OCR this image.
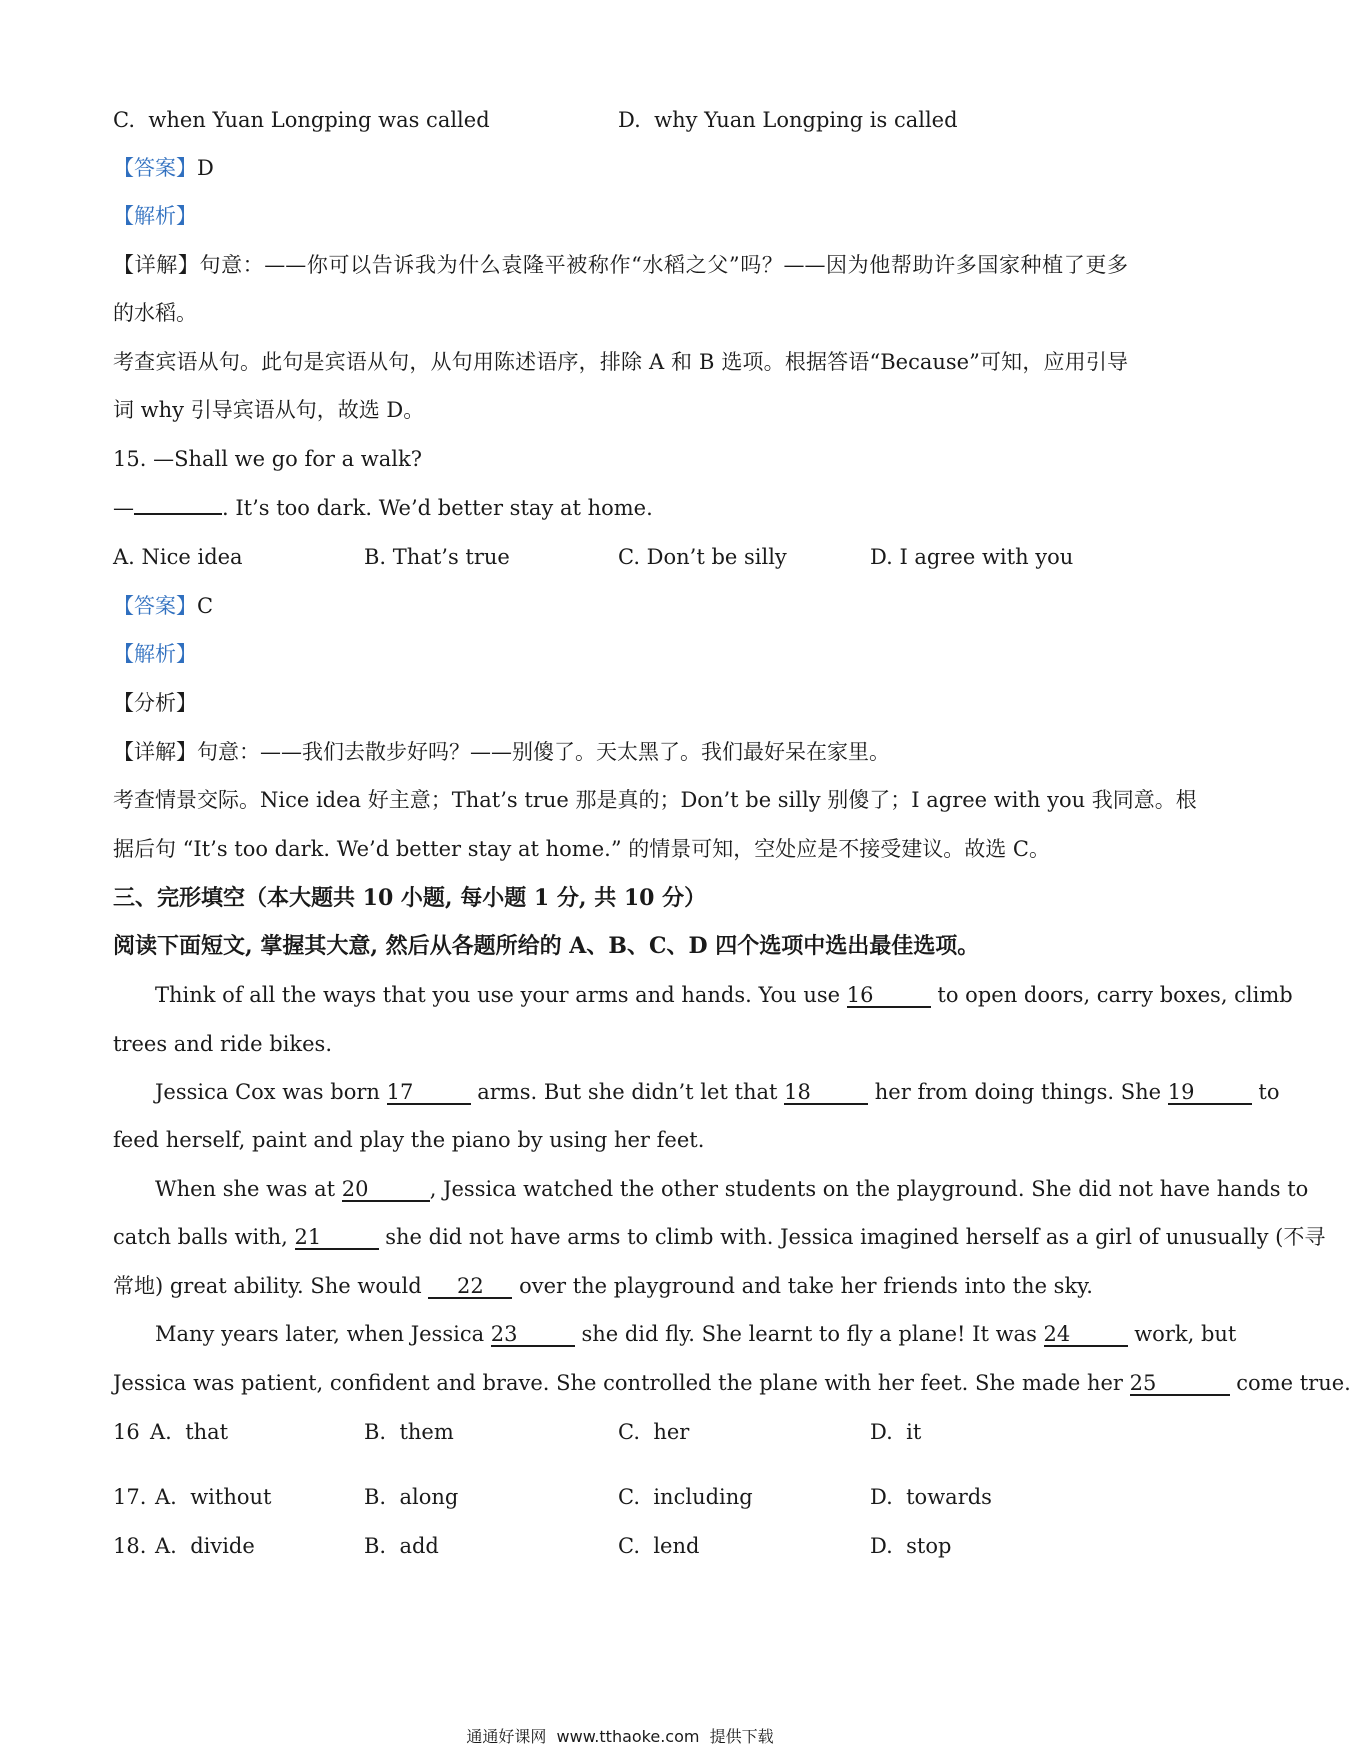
C.  when Yuan Longping was called	D.  why Yuan Longping is called
【答案】D
【解析】
【详解】句意：——你可以告诉我为什么袁隆平被称作“水稻之父”吗？——因为他帮助许多国家种植了更多
的水稻。
考查宾语从句。此句是宾语从句，从句用陈述语序，排除 A 和 B 选项。根据答语“Because”可知，应用引导
词 why 引导宾语从句，故选 D。
15. —Shall we go for a walk?
—	. It’s too dark. We’d better stay at home.
A. Nice idea	B. That’s true	C. Don’t be silly	D. I agree with you
【答案】C
【解析】
【分析】
【详解】句意：——我们去散步好吗？——别傻了。天太黑了。我们最好呆在家里。
考查情景交际。Nice idea 好主意；That’s true 那是真的；Don’t be silly 别傻了；I agree with you 我同意。根
据后句 “It’s too dark. We’d better stay at home.” 的情景可知，空处应是不接受建议。故选 C。
三、完形填空（本大题共 10 小题, 每小题 1 分, 共 10 分）
阅读下面短文, 掌握其大意, 然后从各题所给的 A、B、C、D 四个选项中选出最佳选项。
Think of all the ways that you use your arms and hands. You use 16	to open doors, carry boxes, climb
trees and ride bikes.
Jessica Cox was born 17	arms. But she didn’t let that 18	her from doing things. She 19	to
feed herself, paint and play the piano by using her feet.
When she was at 20	, Jessica watched the other students on the playground. She did not have hands to
catch balls with, 21	she did not have arms to climb with. Jessica imagined herself as a girl of unusually (不寻
常地) great ability. She would 22 over the playground and take her friends into the sky.
Many years later, when Jessica 23	she did fly. She learnt to fly a plane! It was 24	work, but
Jessica was patient, confident and brave. She controlled the plane with her feet. She made her 25	come true.
16 A.  that	B.  them	C.  her	D.  it
17. A.  without	B.  along	C.  including	D.  towards
18. A.  divide	B.  add	C.  lend	D.  stop
通通好课网  www.tthaoke.com  提供下载
